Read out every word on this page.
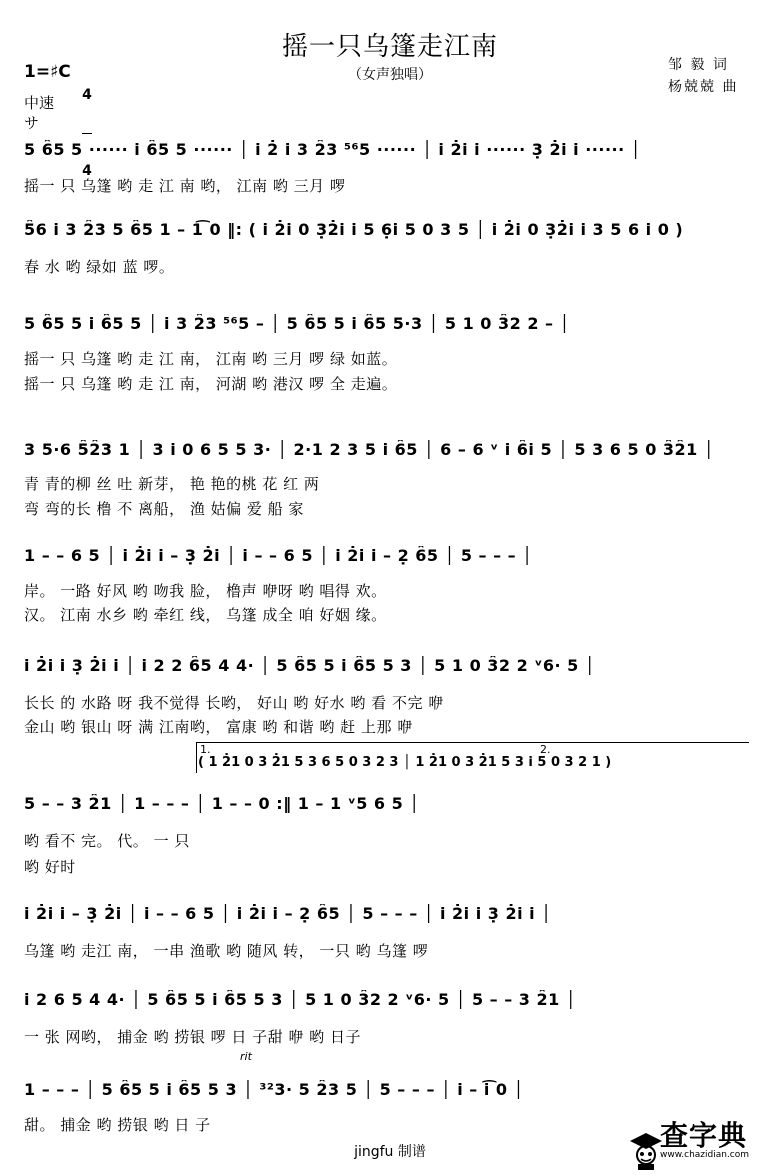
摇一只乌篷走江南
（女声独唱）
邹 毅 词
杨兢兢 曲
1=♯C

4

4

中速
サ
5 6̑5 5 ······ i 6̑5 5 ······ │ i 2̇ i 3 2̑3 ⁵⁶5 ······ │ i 2̇i i ······ 3̣ 2̇i i ······ │
摇一 只 乌篷 哟 走 江 南 哟， 江南 哟 三月 啰
5̑6 i 3 2̑3 5 6̑5 1 – 1͡ 0 ‖: ( i 2̇i 0 3̣2̇i i 5 6̣i 5 0 3 5 │ i 2̇i 0 3̣2̇i i 3 5 6 i 0 )
春 水 哟 绿如 蓝 啰。
5 6̑5 5 i 6̑5 5 │ i 3 2̑3 ⁵⁶5 – │ 5 6̑5 5 i 6̑5 5·3 │ 5 1 0 3̑2 2 – │
摇一 只 乌篷 哟 走 江 南， 江南 哟 三月 啰 绿 如蓝。
摇一 只 乌篷 哟 走 江 南， 河湖 哟 港汉 啰 全 走遍。
3 5·6 5̑2̑3 1 │ 3 i 0 6 5 5 3· │ 2·1 2 3 5 i 6̑5 │ 6 – 6 ᵛ i 6̑i 5 │ 5 3 6 5 0 3̑2̑1 │
青 青的柳 丝 吐 新芽， 艳 艳的桃 花 红 两
弯 弯的长 橹 不 离船， 渔 姑偏 爱 船 家
1 – – 6 5 │ i 2̇i i – 3̣ 2̇i │ i – – 6 5 │ i 2̇i i – 2̣ 6̑5 │ 5 – – – │
岸。 一路 好风 哟 吻我 脸， 橹声 咿呀 哟 唱得 欢。
汉。 江南 水乡 哟 牵红 线， 乌篷 成全 咱 好姻 缘。
i 2̇i i 3̣ 2̇i i │ i 2 2 6̑5 4 4· │ 5 6̑5 5 i 6̑5 5 3 │ 5 1 0 3̑2 2 ᵛ6· 5 │
长长 的 水路 呀 我不觉得 长哟， 好山 哟 好水 哟 看 不完 咿
金山 哟 银山 呀 满 江南哟， 富康 哟 和谐 哟 赶 上那 咿
1.	2.
( 1 2̇1 0 3 2̇1 5 3 6 5 0 3 2 3 │ 1 2̇1 0 3 2̇1 5 3 i 5 0 3 2 1 )
5 – – 3 2̑1 │ 1 – – – │ 1 – – 0 :‖ 1 – 1 ᵛ5 6 5 │
哟 看不 完。 代。 一 只
哟 好时
i 2̇i i – 3̣ 2̇i │ i – – 6 5 │ i 2̇i i – 2̣ 6̑5 │ 5 – – – │ i 2̇i i 3̣ 2̇i i │
乌篷 哟 走江 南， 一串 渔歌 哟 随风 转， 一只 哟 乌篷 啰
i 2 6 5 4 4· │ 5 6̑5 5 i 6̑5 5 3 │ 5 1 0 3̑2 2 ᵛ6· 5 │ 5 – – 3 2̑1 │
一 张 网哟， 捕金 哟 捞银 啰 日 子甜 咿 哟 日子
rit
1 – – – │ 5 6̑5 5 i 6̑5 5 3 │ ³²3· 5 2̑3 5 │ 5 – – – │ i – i͡ 0 │
甜。 捕金 哟 捞银 哟 日 子
jingfu 制谱

	查字典
www.chazidian.com
